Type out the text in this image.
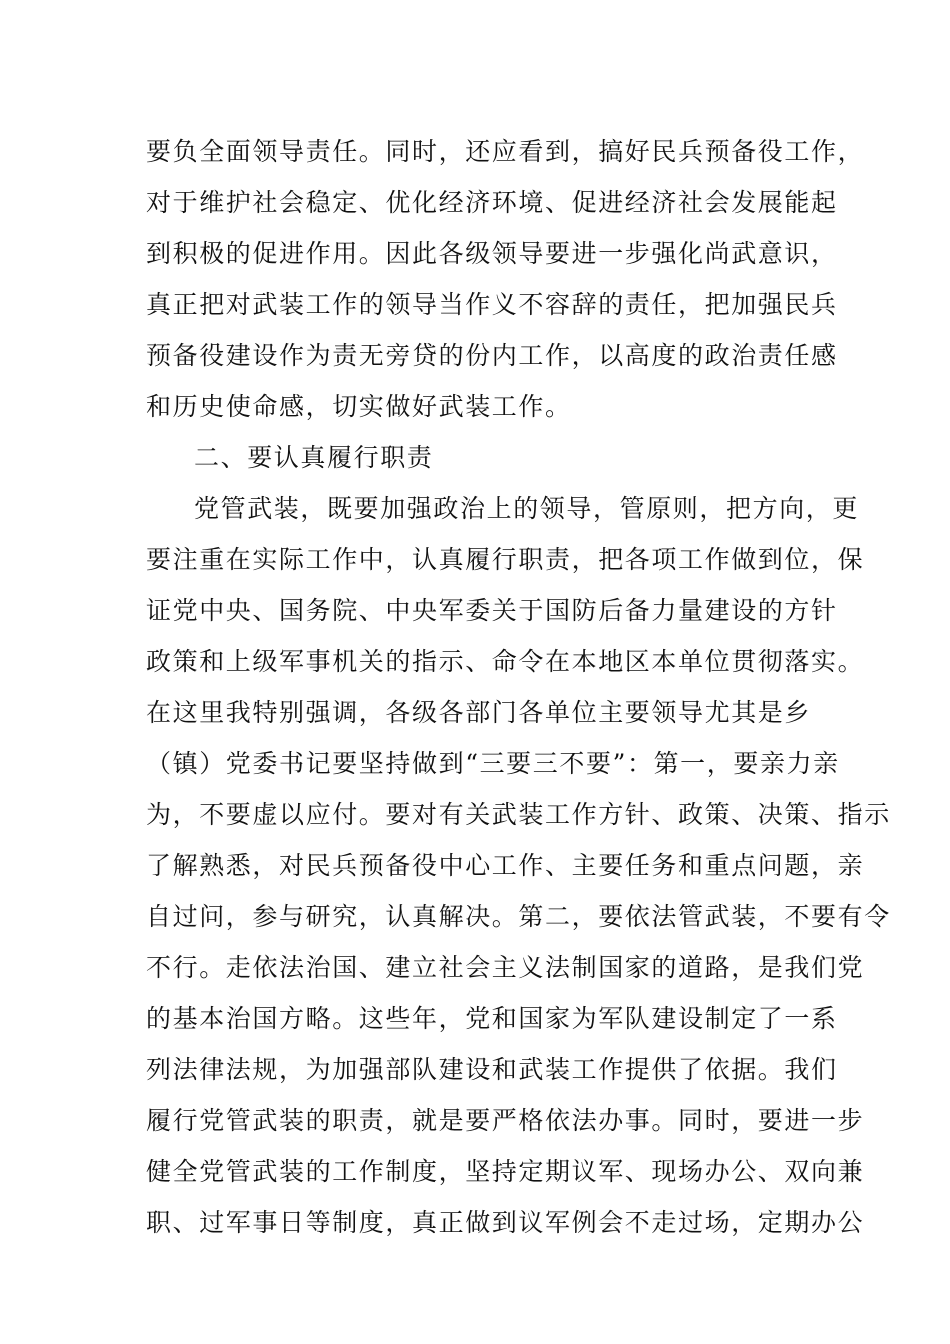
要负全面领导责任。同时，还应看到，搞好民兵预备役工作，
对于维护社会稳定、优化经济环境、促进经济社会发展能起
到积极的促进作用。因此各级领导要进一步强化尚武意识，
真正把对武装工作的领导当作义不容辞的责任，把加强民兵
预备役建设作为责无旁贷的份内工作，以高度的政治责任感
和历史使命感，切实做好武装工作。
二、要认真履行职责
党管武装，既要加强政治上的领导，管原则，把方向，更
要注重在实际工作中，认真履行职责，把各项工作做到位，保
证党中央、国务院、中央军委关于国防后备力量建设的方针
政策和上级军事机关的指示、命令在本地区本单位贯彻落实。
在这里我特别强调，各级各部门各单位主要领导尤其是乡
（镇）党委书记要坚持做到“三要三不要”：第一，要亲力亲
为，不要虚以应付。要对有关武装工作方针、政策、决策、指示
了解熟悉，对民兵预备役中心工作、主要任务和重点问题，亲
自过问，参与研究，认真解决。第二，要依法管武装，不要有令
不行。走依法治国、建立社会主义法制国家的道路，是我们党
的基本治国方略。这些年，党和国家为军队建设制定了一系
列法律法规，为加强部队建设和武装工作提供了依据。我们
履行党管武装的职责，就是要严格依法办事。同时，要进一步
健全党管武装的工作制度，坚持定期议军、现场办公、双向兼
职、过军事日等制度，真正做到议军例会不走过场，定期办公
